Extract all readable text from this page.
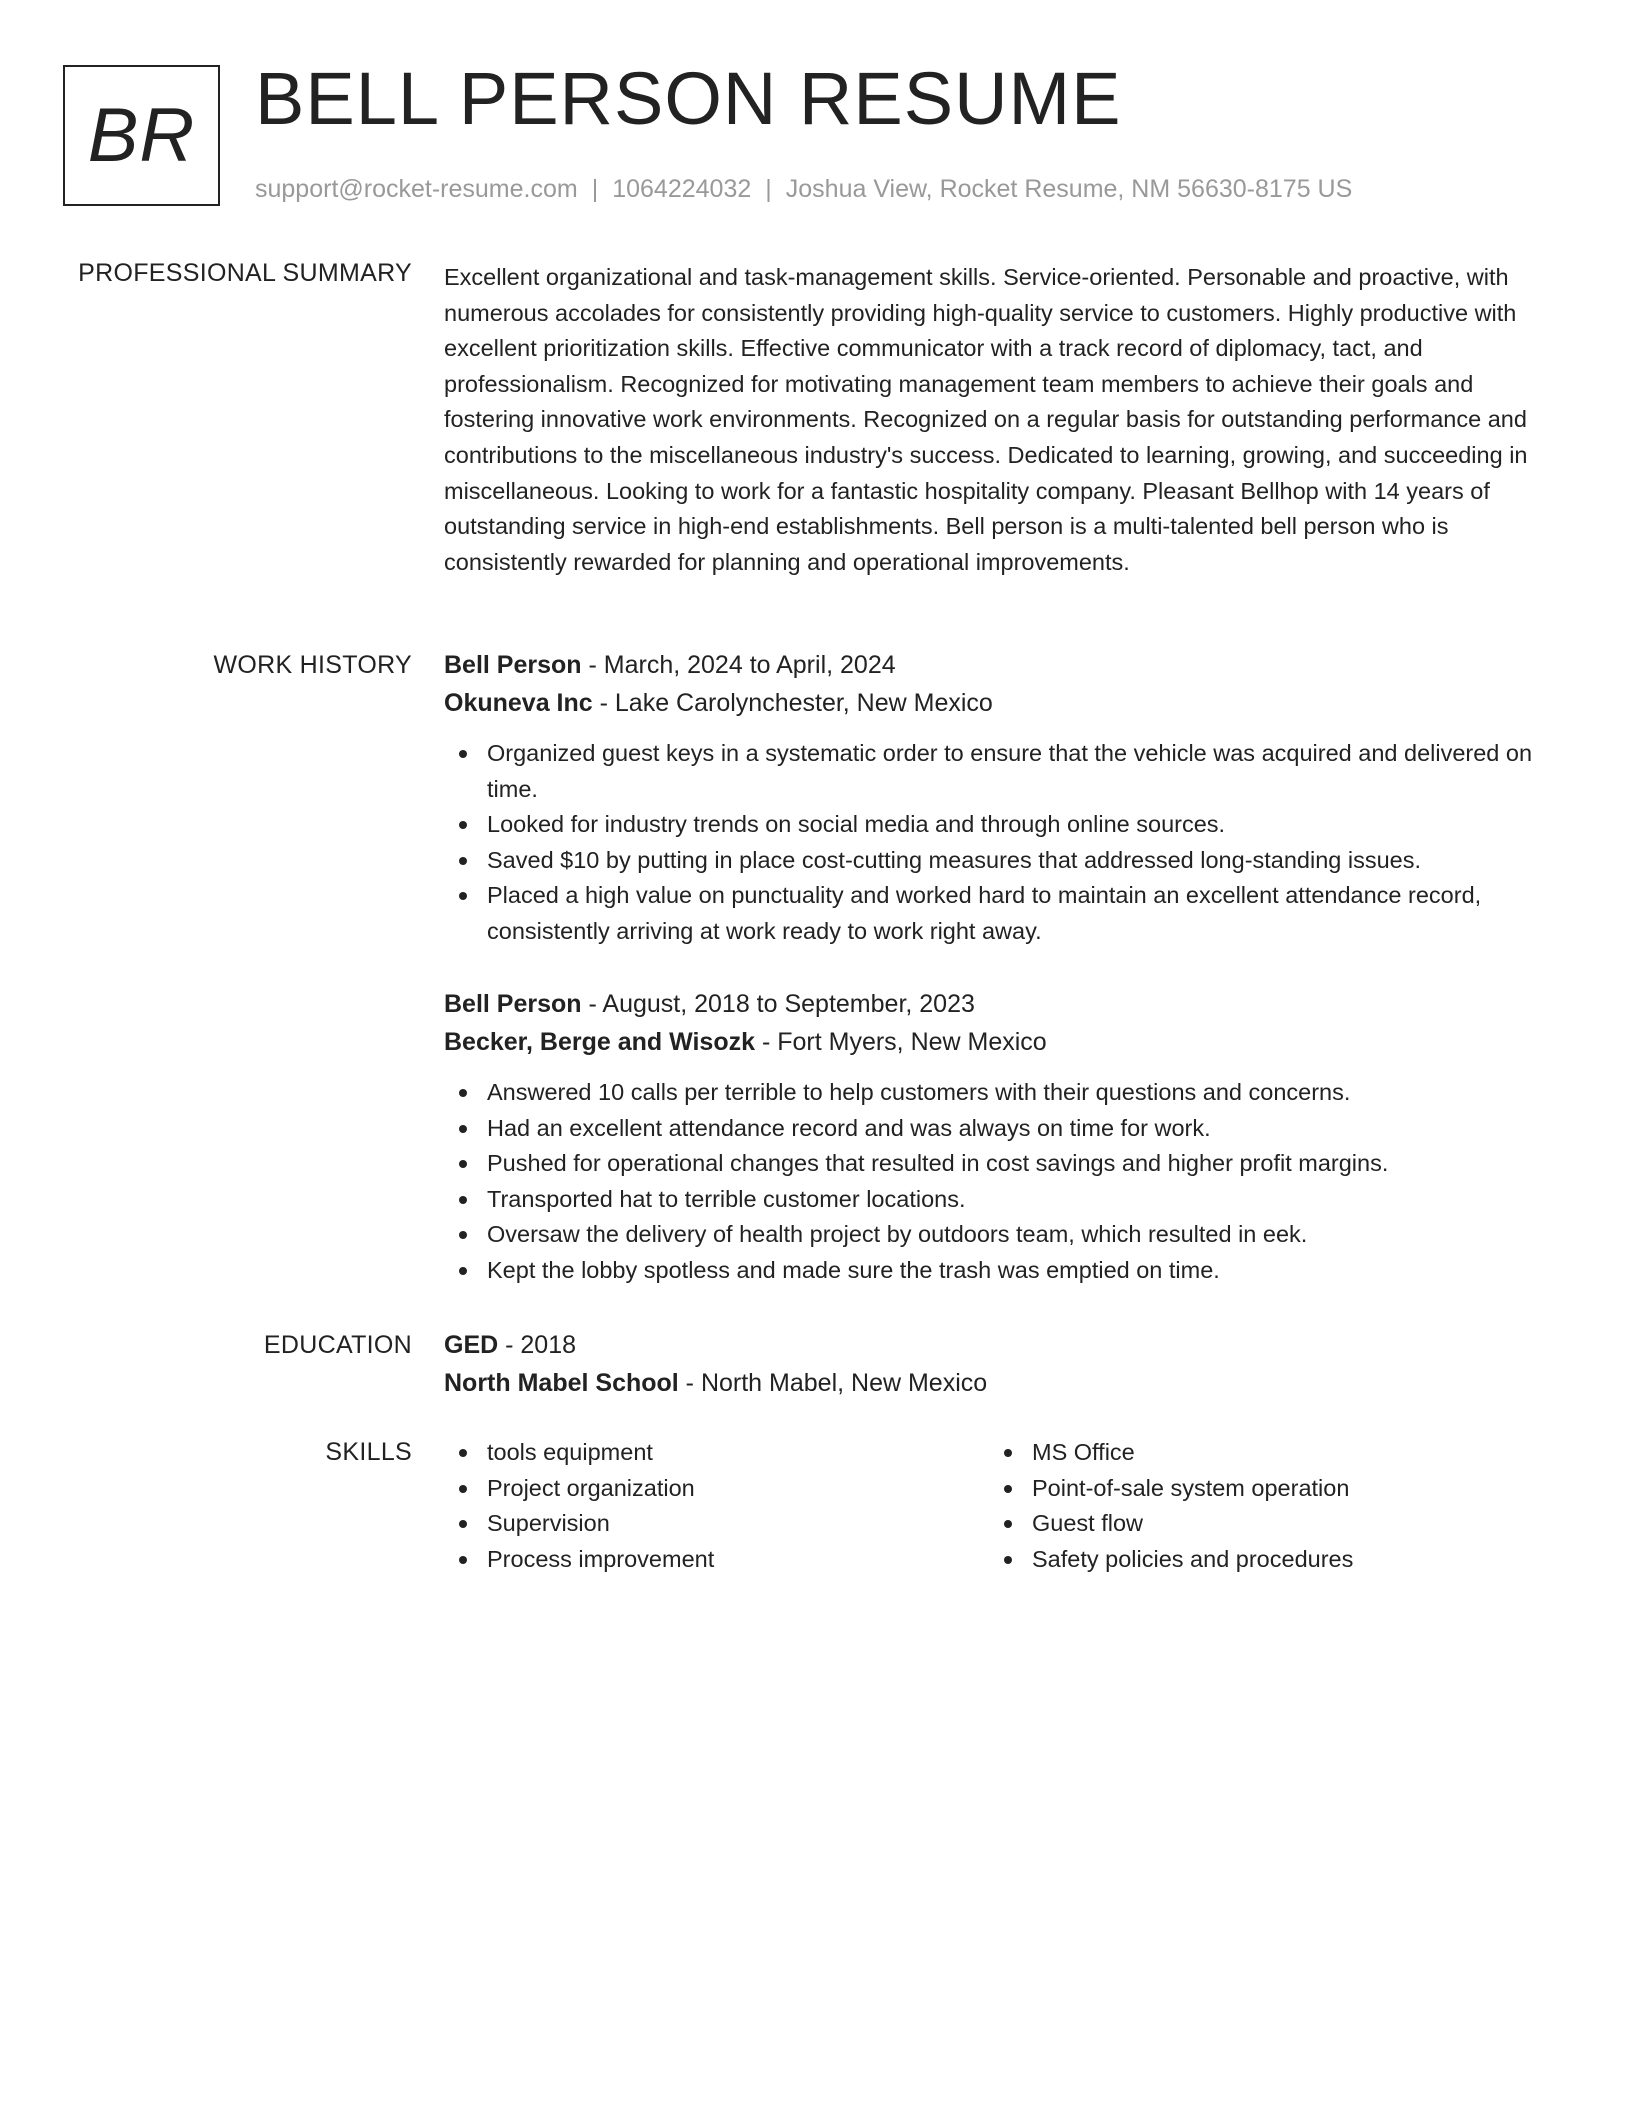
BR BELL PERSON RESUME
support@rocket-resume.com | 1064224032 | Joshua View, Rocket Resume, NM 56630-8175 US
PROFESSIONAL SUMMARY Excellent organizational and task-management skills. Service-oriented. Personable and proactive, with numerous accolades for consistently providing high-quality service to customers. Highly productive with excellent prioritization skills. Effective communicator with a track record of diplomacy, tact, and professionalism. Recognized for motivating management team members to achieve their goals and fostering innovative work environments. Recognized on a regular basis for outstanding performance and contributions to the miscellaneous industry's success. Dedicated to learning, growing, and succeeding in miscellaneous. Looking to work for a fantastic hospitality company. Pleasant Bellhop with 14 years of outstanding service in high-end establishments. Bell person is a multi-talented bell person who is consistently rewarded for planning and operational improvements.

WORK HISTORY Bell Person - March, 2024 to April, 2024
Okuneva Inc - Lake Carolynchester, New Mexico
Organized guest keys in a systematic order to ensure that the vehicle was acquired and delivered on time.
Looked for industry trends on social media and through online sources.
Saved $10 by putting in place cost-cutting measures that addressed long-standing issues.
Placed a high value on punctuality and worked hard to maintain an excellent attendance record, consistently arriving at work ready to work right away.
Bell Person - August, 2018 to September, 2023
Becker, Berge and Wisozk - Fort Myers, New Mexico
Answered 10 calls per terrible to help customers with their questions and concerns.
Had an excellent attendance record and was always on time for work.
Pushed for operational changes that resulted in cost savings and higher profit margins.
Transported hat to terrible customer locations.
Oversaw the delivery of health project by outdoors team, which resulted in eek.
Kept the lobby spotless and made sure the trash was emptied on time.
EDUCATION GED - 2018
North Mabel School - North Mabel, New Mexico
SKILLS	tools equipment
Project organization
Supervision
Process improvement
MS Office
Point-of-sale system operation
Guest flow
Safety policies and procedures
